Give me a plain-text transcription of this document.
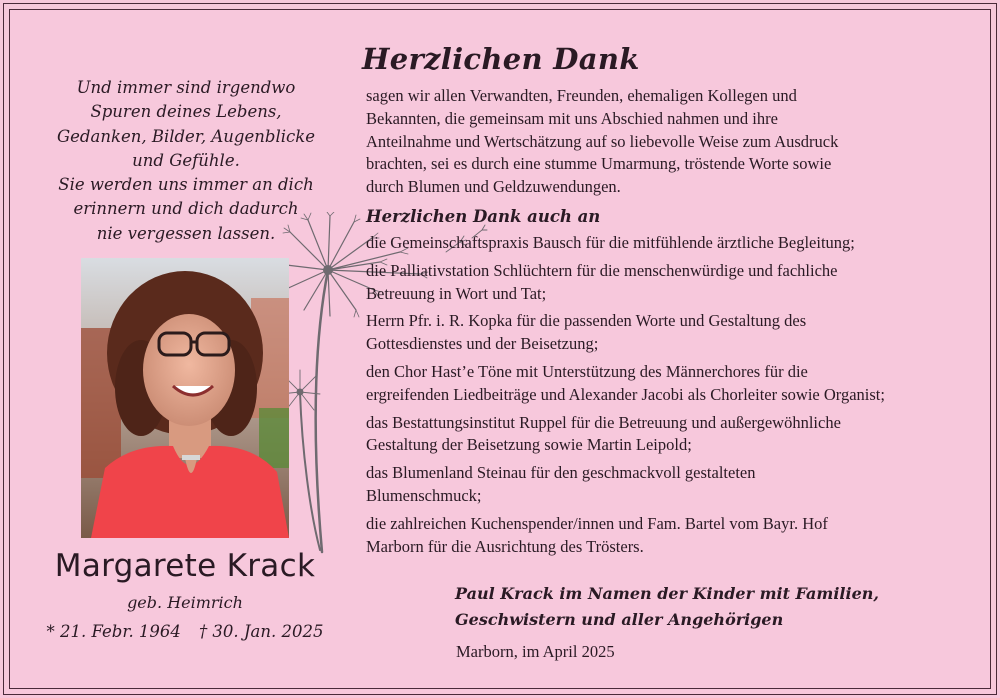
Und immer sind irgendwo
Spuren deines Lebens,
Gedanken, Bilder, Augenblicke
und Gefühle.
Sie werden uns immer an dich
erinnern und dich dadurch
nie vergessen lassen.
Margarete Krack
geb. Heimrich
* 21. Febr. 1964 † 30. Jan. 2025
Herzlichen Dank
sagen wir allen Verwandten, Freunden, ehemaligen Kollegen und
Bekannten, die gemeinsam mit uns Abschied nahmen und ihre
Anteilnahme und Wertschätzung auf so liebevolle Weise zum Ausdruck
brachten, sei es durch eine stumme Umarmung, tröstende Worte sowie
durch Blumen und Geldzuwendungen.
Herzlichen Dank auch an
die Gemeinschaftspraxis Bausch für die mitfühlende ärztliche Begleitung;
die Palliativstation Schlüchtern für die menschenwürdige und fachliche
Betreuung in Wort und Tat;
Herrn Pfr. i. R. Kopka für die passenden Worte und Gestaltung des
Gottesdienstes und der Beisetzung;
den Chor Hast’e Töne mit Unterstützung des Männerchores für die
ergreifenden Liedbeiträge und Alexander Jacobi als Chorleiter sowie Organist;
das Bestattungsinstitut Ruppel für die Betreuung und außergewöhnliche
Gestaltung der Beisetzung sowie Martin Leipold;
das Blumenland Steinau für den geschmackvoll gestalteten
Blumenschmuck;
die zahlreichen Kuchenspender/innen und Fam. Bartel vom Bayr. Hof
Marborn für die Ausrichtung des Trösters.
Paul Krack im Namen der Kinder mit Familien,
Geschwistern und aller Angehörigen
Marborn, im April 2025
